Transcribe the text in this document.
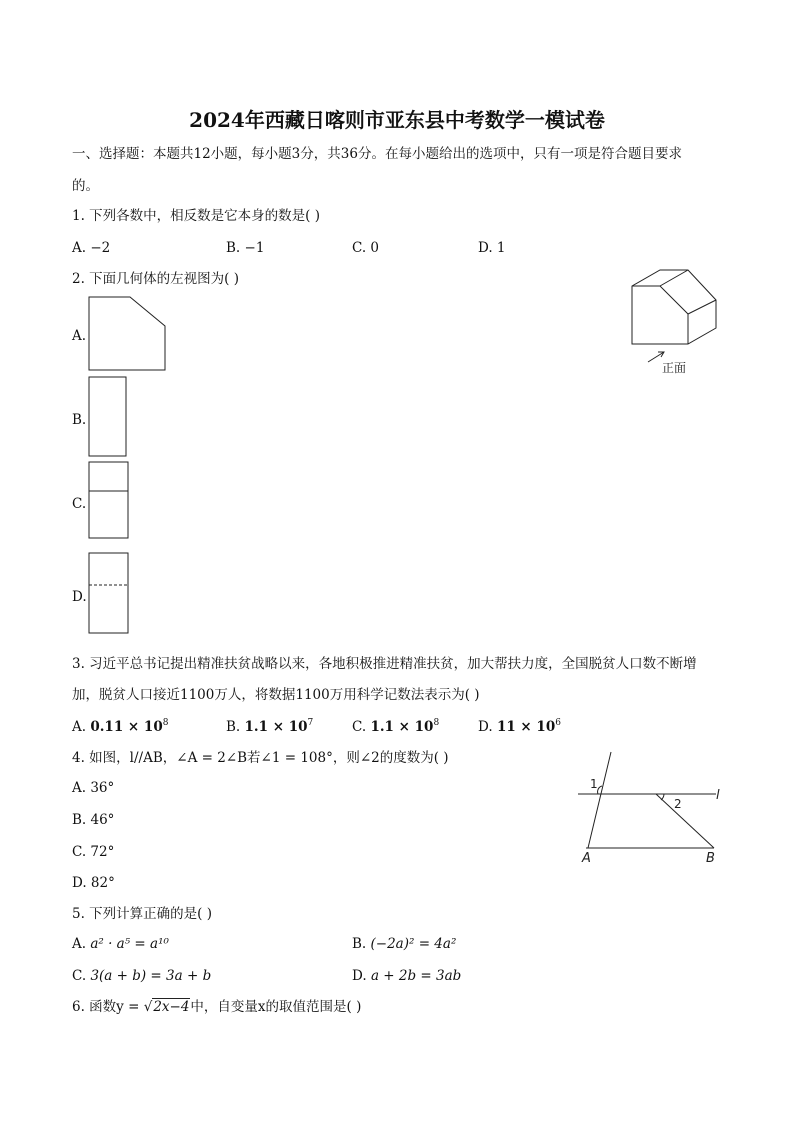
2024年西藏日喀则市亚东县中考数学一模试卷
一、选择题：本题共12小题，每小题3分，共36分。在每小题给出的选项中，只有一项是符合题目要求
的。
1. 下列各数中，相反数是它本身的数是( )
A. −2	B. −1	C. 0	D. 1
2. 下面几何体的左视图为( )
A.
B.
C.
D.
正面
3. 习近平总书记提出精准扶贫战略以来，各地积极推进精准扶贫，加大帮扶力度，全国脱贫人口数不断增
加，脱贫人口接近1100万人，将数据1100万用科学记数法表示为( )
A. $0.11 \times 10^8$	B. $1.1 \times 10^7$	C. $1.1 \times 10^8$	D. $11 \times 10^6$
4. 如图，l//AB，∠A = 2∠B若∠1 = 108°，则∠2的度数为( )
A. 36°
B. 46°
C. 72°
D. 82°
1
2
l
A	B
5. 下列计算正确的是( )
A. a² · a⁵ = a¹⁰	B. (−2a)² = 4a²
C. 3(a + b) = 3a + b	D. a + 2b = 3ab
6. 函数y = √2x−4中，自变量x的取值范围是( )
